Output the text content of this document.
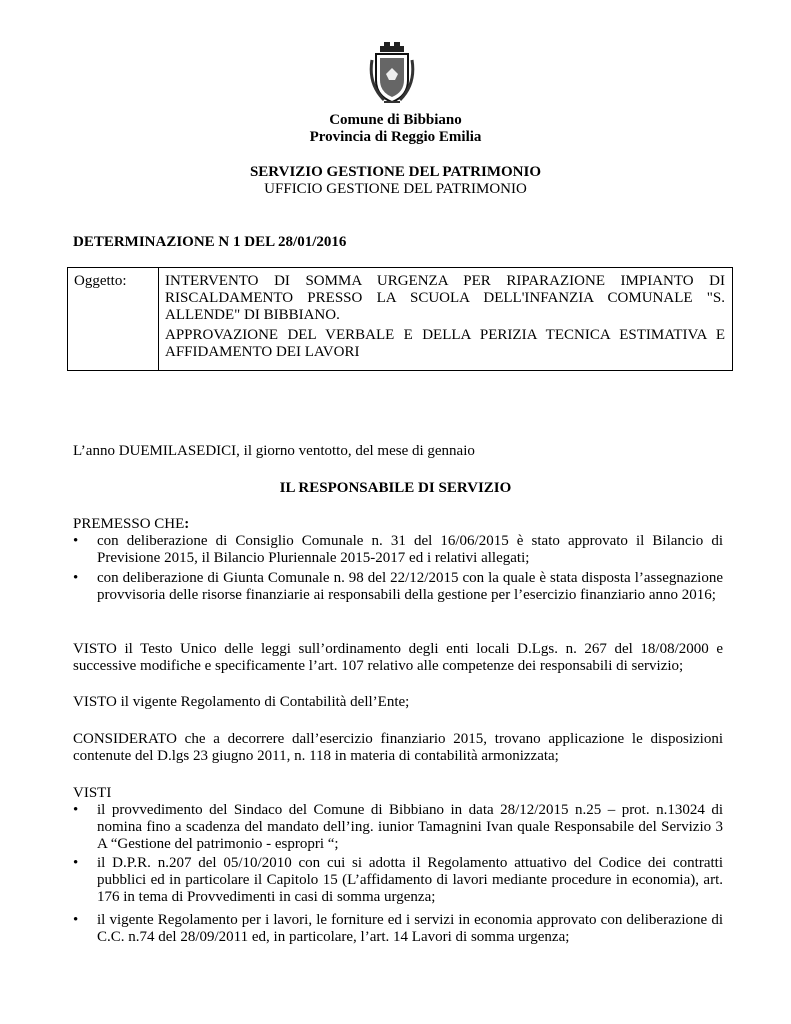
Comune di Bibbiano
Provincia di Reggio Emilia
SERVIZIO GESTIONE DEL PATRIMONIO
UFFICIO GESTIONE DEL PATRIMONIO
DETERMINAZIONE N 1 DEL 28/01/2016
Oggetto:	INTERVENTO DI SOMMA URGENZA PER RIPARAZIONE IMPIANTO DI RISCALDAMENTO PRESSO LA SCUOLA DELL'INFANZIA COMUNALE "S. ALLENDE" DI BIBBIANO.

APPROVAZIONE DEL VERBALE E DELLA PERIZIA TECNICA ESTIMATIVA E AFFIDAMENTO DEI LAVORI

L’anno DUEMILASEDICI, il giorno ventotto, del mese di gennaio
IL RESPONSABILE DI SERVIZIO
PREMESSO CHE:
• con deliberazione di Consiglio Comunale n. 31 del 16/06/2015 è stato approvato il Bilancio di Previsione 2015, il Bilancio Pluriennale 2015-2017 ed i relativi allegati;
• con deliberazione di Giunta Comunale n. 98 del 22/12/2015 con la quale è stata disposta l’assegnazione provvisoria delle risorse finanziarie ai responsabili della gestione per l’esercizio finanziario anno 2016;
VISTO il Testo Unico delle leggi sull’ordinamento degli enti locali D.Lgs. n. 267 del 18/08/2000 e successive modifiche e specificamente l’art. 107 relativo alle competenze dei responsabili di servizio;
VISTO il vigente Regolamento di Contabilità dell’Ente;
CONSIDERATO che a decorrere dall’esercizio finanziario 2015, trovano applicazione le disposizioni contenute del D.lgs 23 giugno 2011, n. 118 in materia di contabilità armonizzata;
VISTI
• il provvedimento del Sindaco del Comune di Bibbiano in data 28/12/2015 n.25 – prot. n.13024 di nomina fino a scadenza del mandato dell’ing. iunior Tamagnini Ivan quale Responsabile del Servizio 3 A “Gestione del patrimonio - espropri “;
• il D.P.R. n.207 del 05/10/2010 con cui si adotta il Regolamento attuativo del Codice dei contratti pubblici ed in particolare il Capitolo 15 (L’affidamento di lavori mediante procedure in economia), art. 176 in tema di Provvedimenti in casi di somma urgenza;
• il vigente Regolamento per i lavori, le forniture ed i servizi in economia approvato con deliberazione di C.C. n.74 del 28/09/2011 ed, in particolare, l’art. 14 Lavori di somma urgenza;
